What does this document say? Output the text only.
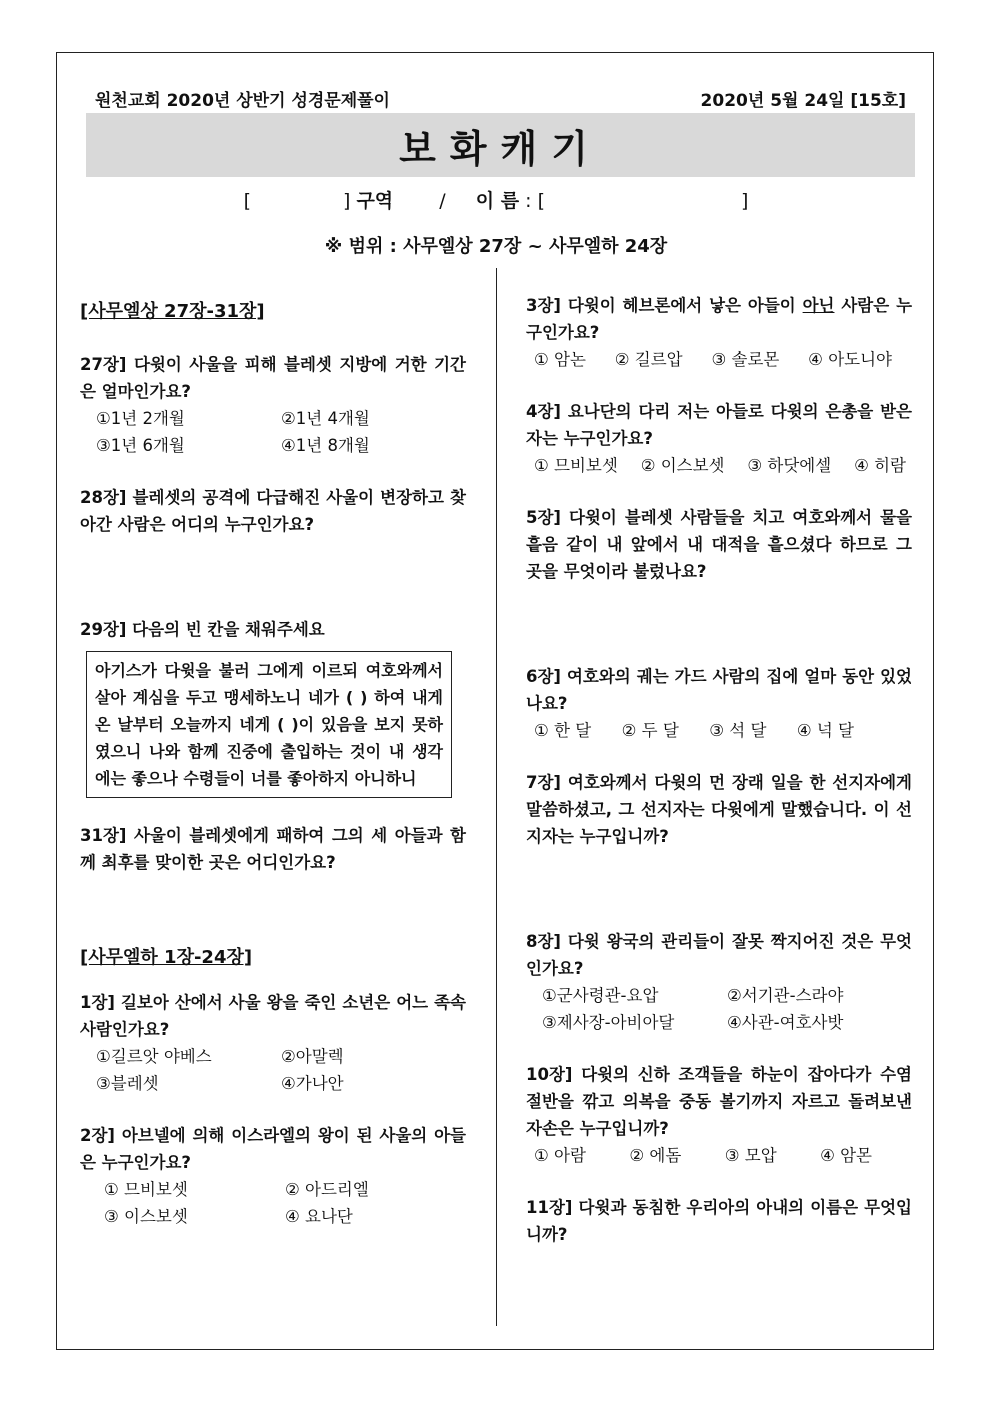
원천교회 2020년 상반기 성경문제풀이	2020년 5월 24일 [15호]
보화캐기
[	] 구역 / 이 름 : [	]
※ 범위 : 사무엘상 27장 ~ 사무엘하 24장

[사무엘상 27장-31장]

27장] 다윗이 사울을 피해 블레셋 지방에 거한 기간은 얼마인가요?

①1년 2개월	②1년 4개월
③1년 6개월	④1년 8개월

28장] 블레셋의 공격에 다급해진 사울이 변장하고 찾아간 사람은 어디의 누구인가요?

29장] 다음의 빈 칸을 채워주세요

아기스가 다윗을 불러 그에게 이르되 여호와께서 살아 계심을 두고 맹세하노니 네가 ( ) 하여 내게 온 날부터 오늘까지 네게 ( )이 있음을 보지 못하였으니 나와 함께 진중에 출입하는 것이 내 생각에는 좋으나 수령들이 너를 좋아하지 아니하니

31장] 사울이 블레셋에게 패하여 그의 세 아들과 함께 최후를 맞이한 곳은 어디인가요?

[사무엘하 1장-24장]

1장] 길보아 산에서 사울 왕을 죽인 소년은 어느 족속 사람인가요?

①길르앗 야베스	②아말렉
③블레셋	④가나안

2장] 아브넬에 의해 이스라엘의 왕이 된 사울의 아들은 누구인가요?

① 므비보셋	② 아드리엘
③ 이스보셋	④ 요나단

3장] 다윗이 헤브론에서 낳은 아들이 아닌 사람은 누구인가요?

① 암논 ② 길르압 ③ 솔로몬 ④ 아도니야

4장] 요나단의 다리 저는 아들로 다윗의 은총을 받은 자는 누구인가요?

① 므비보셋 ② 이스보셋 ③ 하닷에셀 ④ 히람

5장] 다윗이 블레셋 사람들을 치고 여호와께서 물을 흩음 같이 내 앞에서 내 대적을 흩으셨다 하므로 그 곳을 무엇이라 불렀나요?

6장] 여호와의 궤는 가드 사람의 집에 얼마 동안 있었나요?

① 한 달 ② 두 달 ③ 석 달 ④ 넉 달

7장] 여호와께서 다윗의 먼 장래 일을 한 선지자에게 말씀하셨고, 그 선지자는 다윗에게 말했습니다. 이 선지자는 누구입니까?

8장] 다윗 왕국의 관리들이 잘못 짝지어진 것은 무엇인가요?

①군사령관-요압	②서기관-스라야
③제사장-아비아달	④사관-여호사밧

10장] 다윗의 신하 조객들을 하눈이 잡아다가 수염 절반을 깎고 의복을 중동 볼기까지 자르고 돌려보낸 자손은 누구입니까?

① 아람	② 에돔	③ 모압	④ 암몬

11장] 다윗과 동침한 우리아의 아내의 이름은 무엇입니까?
